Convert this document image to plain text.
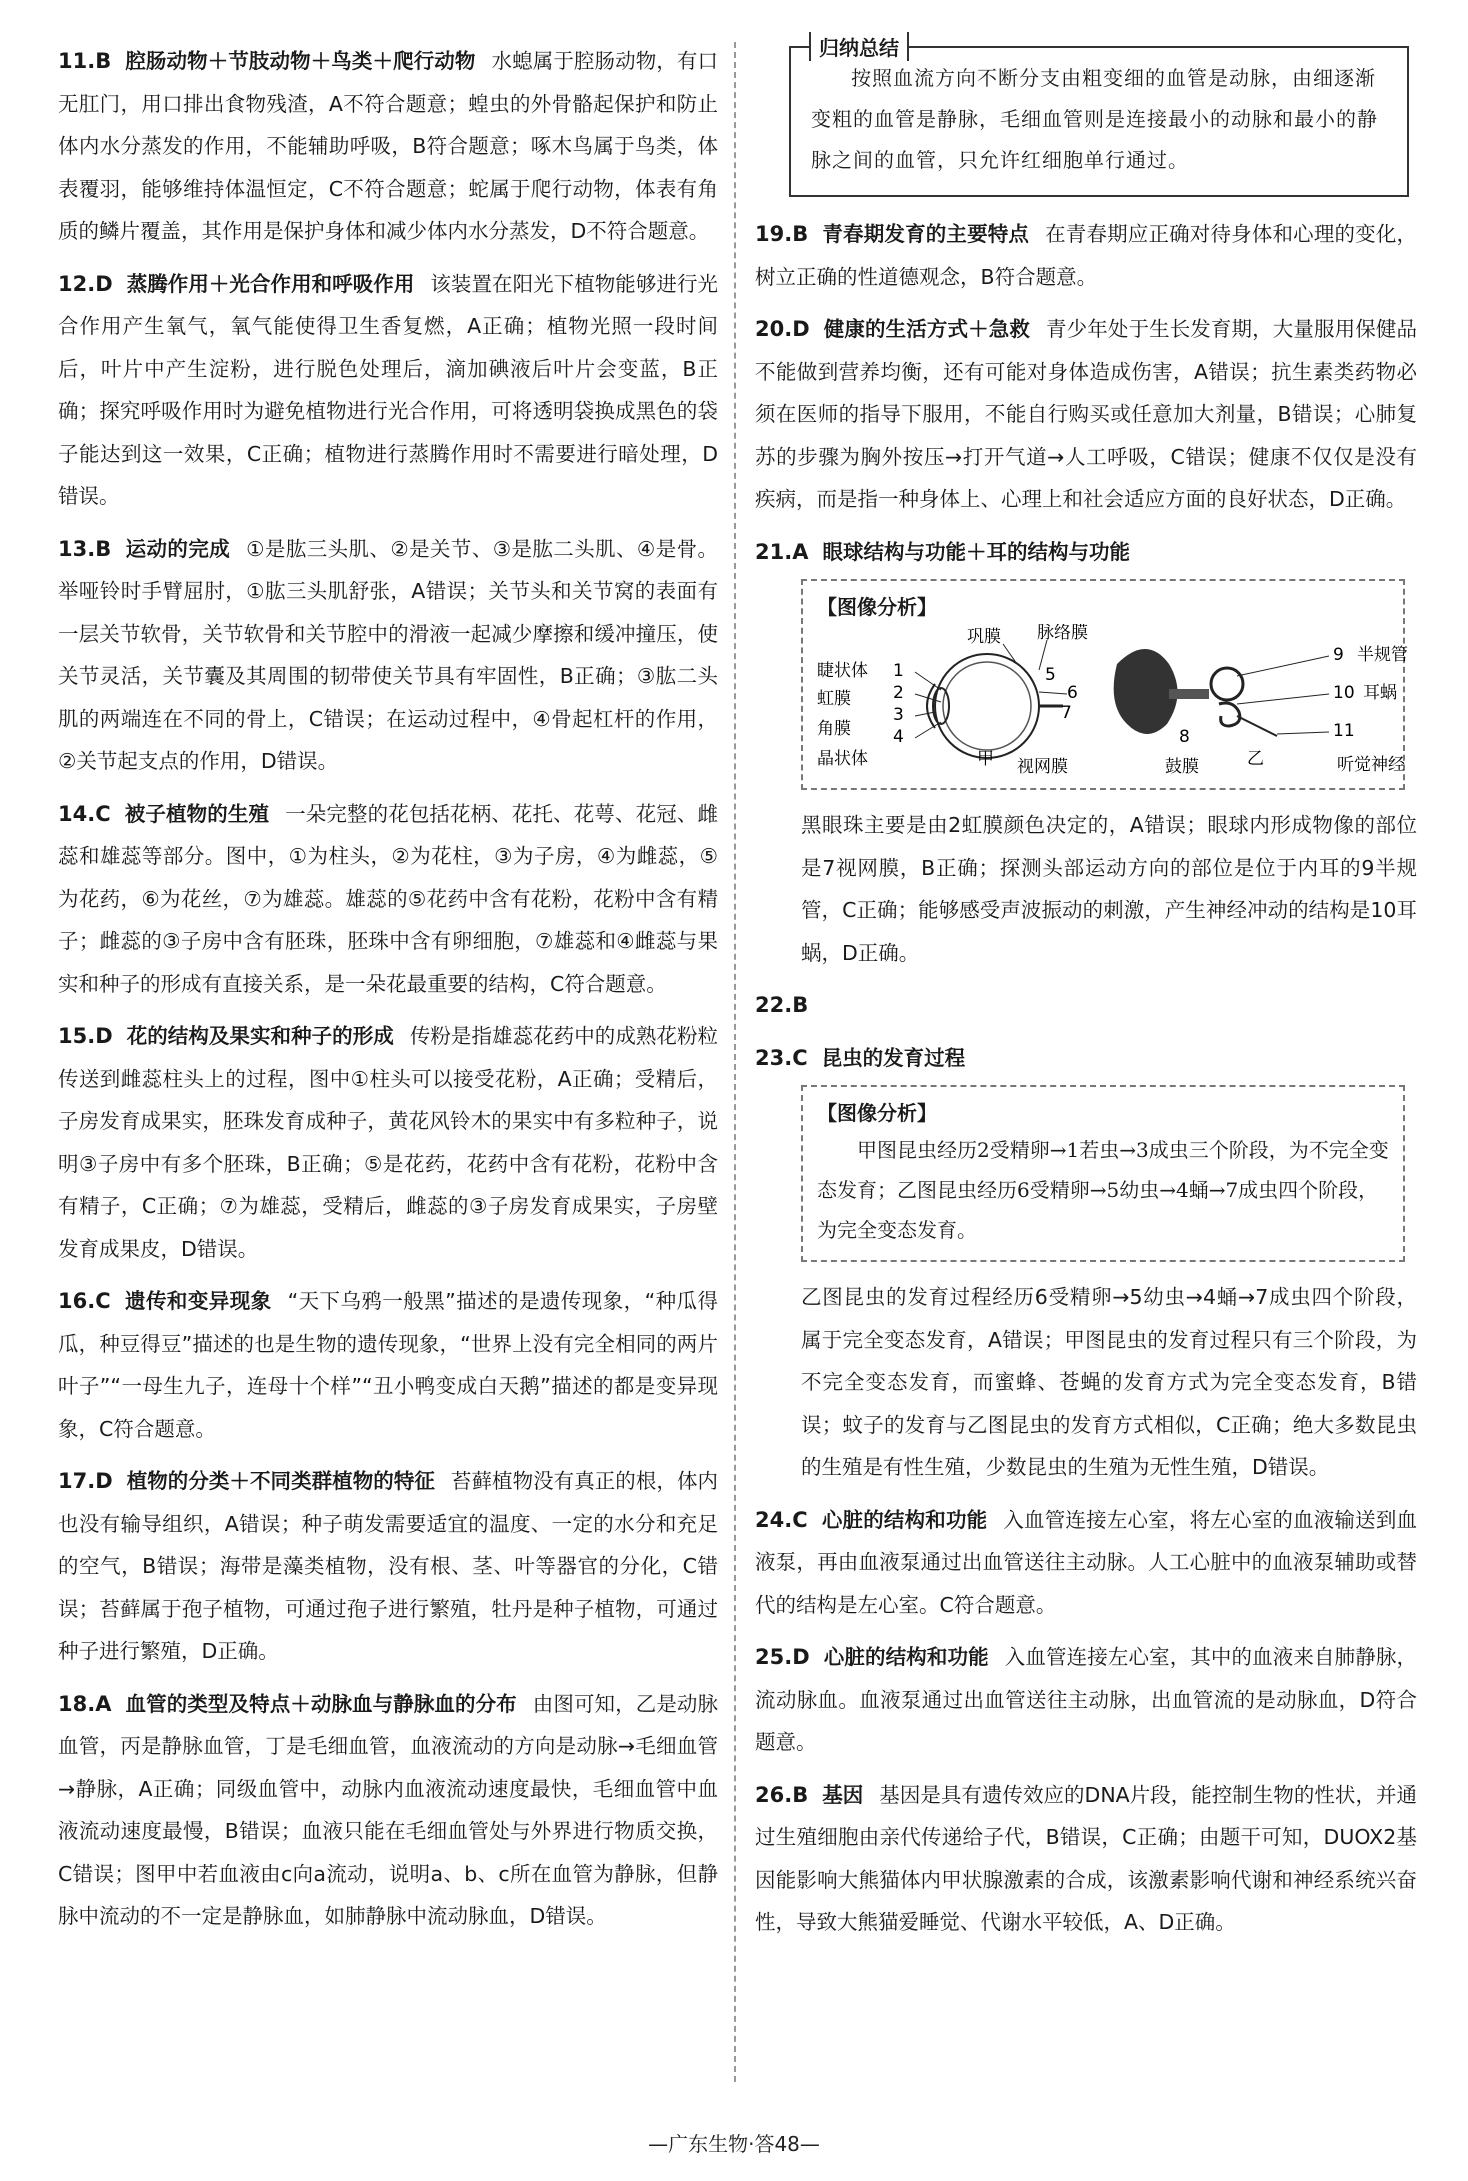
11.B 腔肠动物＋节肢动物＋鸟类＋爬行动物 水螅属于腔肠动物，有口无肛门，用口排出食物残渣，A不符合题意；蝗虫的外骨骼起保护和防止体内水分蒸发的作用，不能辅助呼吸，B符合题意；啄木鸟属于鸟类，体表覆羽，能够维持体温恒定，C不符合题意；蛇属于爬行动物，体表有角质的鳞片覆盖，其作用是保护身体和减少体内水分蒸发，D不符合题意。
12.D 蒸腾作用＋光合作用和呼吸作用 该装置在阳光下植物能够进行光合作用产生氧气，氧气能使得卫生香复燃，A正确；植物光照一段时间后，叶片中产生淀粉，进行脱色处理后，滴加碘液后叶片会变蓝，B正确；探究呼吸作用时为避免植物进行光合作用，可将透明袋换成黑色的袋子能达到这一效果，C正确；植物进行蒸腾作用时不需要进行暗处理，D错误。
13.B 运动的完成 ①是肱三头肌、②是关节、③是肱二头肌、④是骨。举哑铃时手臂屈肘，①肱三头肌舒张，A错误；关节头和关节窝的表面有一层关节软骨，关节软骨和关节腔中的滑液一起减少摩擦和缓冲撞压，使关节灵活，关节囊及其周围的韧带使关节具有牢固性，B正确；③肱二头肌的两端连在不同的骨上，C错误；在运动过程中，④骨起杠杆的作用，②关节起支点的作用，D错误。
14.C 被子植物的生殖 一朵完整的花包括花柄、花托、花萼、花冠、雌蕊和雄蕊等部分。图中，①为柱头，②为花柱，③为子房，④为雌蕊，⑤为花药，⑥为花丝，⑦为雄蕊。雄蕊的⑤花药中含有花粉，花粉中含有精子；雌蕊的③子房中含有胚珠，胚珠中含有卵细胞，⑦雄蕊和④雌蕊与果实和种子的形成有直接关系，是一朵花最重要的结构，C符合题意。
15.D 花的结构及果实和种子的形成 传粉是指雄蕊花药中的成熟花粉粒传送到雌蕊柱头上的过程，图中①柱头可以接受花粉，A正确；受精后，子房发育成果实，胚珠发育成种子，黄花风铃木的果实中有多粒种子，说明③子房中有多个胚珠，B正确；⑤是花药，花药中含有花粉，花粉中含有精子，C正确；⑦为雄蕊，受精后，雌蕊的③子房发育成果实，子房壁发育成果皮，D错误。
16.C 遗传和变异现象 “天下乌鸦一般黑”描述的是遗传现象，“种瓜得瓜，种豆得豆”描述的也是生物的遗传现象，“世界上没有完全相同的两片叶子”“一母生九子，连母十个样”“丑小鸭变成白天鹅”描述的都是变异现象，C符合题意。
17.D 植物的分类＋不同类群植物的特征 苔藓植物没有真正的根，体内也没有输导组织，A错误；种子萌发需要适宜的温度、一定的水分和充足的空气，B错误；海带是藻类植物，没有根、茎、叶等器官的分化，C错误；苔藓属于孢子植物，可通过孢子进行繁殖，牡丹是种子植物，可通过种子进行繁殖，D正确。
18.A 血管的类型及特点＋动脉血与静脉血的分布 由图可知，乙是动脉血管，丙是静脉血管，丁是毛细血管，血液流动的方向是动脉→毛细血管→静脉，A正确；同级血管中，动脉内血液流动速度最快，毛细血管中血液流动速度最慢，B错误；血液只能在毛细血管处与外界进行物质交换，C错误；图甲中若血液由c向a流动，说明a、b、c所在血管为静脉，但静脉中流动的不一定是静脉血，如肺静脉中流动脉血，D错误。
归纳总结
按照血流方向不断分支由粗变细的血管是动脉，由细逐渐变粗的血管是静脉，毛细血管则是连接最小的动脉和最小的静脉之间的血管，只允许红细胞单行通过。
19.B 青春期发育的主要特点 在青春期应正确对待身体和心理的变化，树立正确的性道德观念，B符合题意。
20.D 健康的生活方式＋急救 青少年处于生长发育期，大量服用保健品不能做到营养均衡，还有可能对身体造成伤害，A错误；抗生素类药物必须在医师的指导下服用，不能自行购买或任意加大剂量，B错误；心肺复苏的步骤为胸外按压→打开气道→人工呼吸，C错误；健康不仅仅是没有疾病，而是指一种身体上、心理上和社会适应方面的良好状态，D正确。
21.A 眼球结构与功能＋耳的结构与功能
【图像分析】
睫状体
虹膜
角膜
晶状体
巩膜 脉络膜
视网膜
1
2
3
4
5
6
7
8
9
10
11
半规管
耳蜗
听觉神经
鼓膜
甲	乙
黑眼珠主要是由2虹膜颜色决定的，A错误；眼球内形成物像的部位是7视网膜，B正确；探测头部运动方向的部位是位于内耳的9半规管，C正确；能够感受声波振动的刺激，产生神经冲动的结构是10耳蜗，D正确。
22.B
23.C 昆虫的发育过程
【图像分析】
甲图昆虫经历2受精卵→1若虫→3成虫三个阶段，为不完全变态发育；乙图昆虫经历6受精卵→5幼虫→4蛹→7成虫四个阶段，为完全变态发育。
乙图昆虫的发育过程经历6受精卵→5幼虫→4蛹→7成虫四个阶段，属于完全变态发育，A错误；甲图昆虫的发育过程只有三个阶段，为不完全变态发育，而蜜蜂、苍蝇的发育方式为完全变态发育，B错误；蚊子的发育与乙图昆虫的发育方式相似，C正确；绝大多数昆虫的生殖是有性生殖，少数昆虫的生殖为无性生殖，D错误。
24.C 心脏的结构和功能 入血管连接左心室，将左心室的血液输送到血液泵，再由血液泵通过出血管送往主动脉。人工心脏中的血液泵辅助或替代的结构是左心室。C符合题意。
25.D 心脏的结构和功能 入血管连接左心室，其中的血液来自肺静脉，流动脉血。血液泵通过出血管送往主动脉，出血管流的是动脉血，D符合题意。
26.B 基因 基因是具有遗传效应的DNA片段，能控制生物的性状，并通过生殖细胞由亲代传递给子代，B错误，C正确；由题干可知，DUOX2基因能影响大熊猫体内甲状腺激素的合成，该激素影响代谢和神经系统兴奋性，导致大熊猫爱睡觉、代谢水平较低，A、D正确。
—广东生物·答48—
